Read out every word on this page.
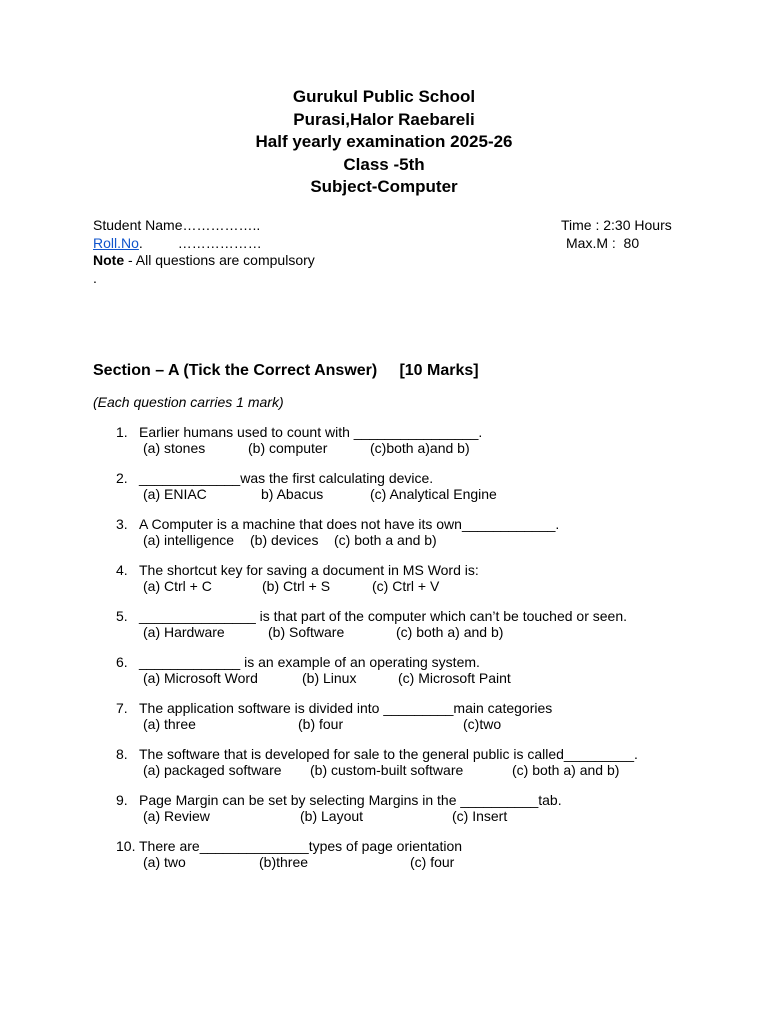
Gurukul Public School
Purasi,Halor Raebareli
Half yearly examination 2025-26
Class -5th
Subject-Computer
Student Name……………..
Roll.No.         ………………
Note - All questions are compulsory
.
Time : 2:30 Hours
Max.M :  80
Section – A (Tick the Correct Answer)     [10 Marks]
(Each question carries 1 mark)
1. Earlier humans used to count with ________________.
(a) stones	(b) computer	(c)both a)and b)
2. _____________was the first calculating device.
(a) ENIAC	b) Abacus	(c) Analytical Engine
3. A Computer is a machine that does not have its own____________.
(a) intelligence (b) devices (c) both a and b)
4. The shortcut key for saving a document in MS Word is:
(a) Ctrl + C	(b) Ctrl + S	(c) Ctrl + V
5. _______________ is that part of the computer which can’t be touched or seen.
(a) Hardware	(b) Software	(c) both a) and b)
6. _____________ is an example of an operating system.
(a) Microsoft Word	(b) Linux	(c) Microsoft Paint
7. The application software is divided into _________main categories
(a) three	(b) four	(c)two
8. The software that is developed for sale to the general public is called_________.
(a) packaged software (b) custom-built software	(c) both a) and b)
9. Page Margin can be set by selecting Margins in the __________tab.
(a) Review	(b) Layout	(c) Insert
10. There are______________types of page orientation
(a) two	(b)three	(c) four
